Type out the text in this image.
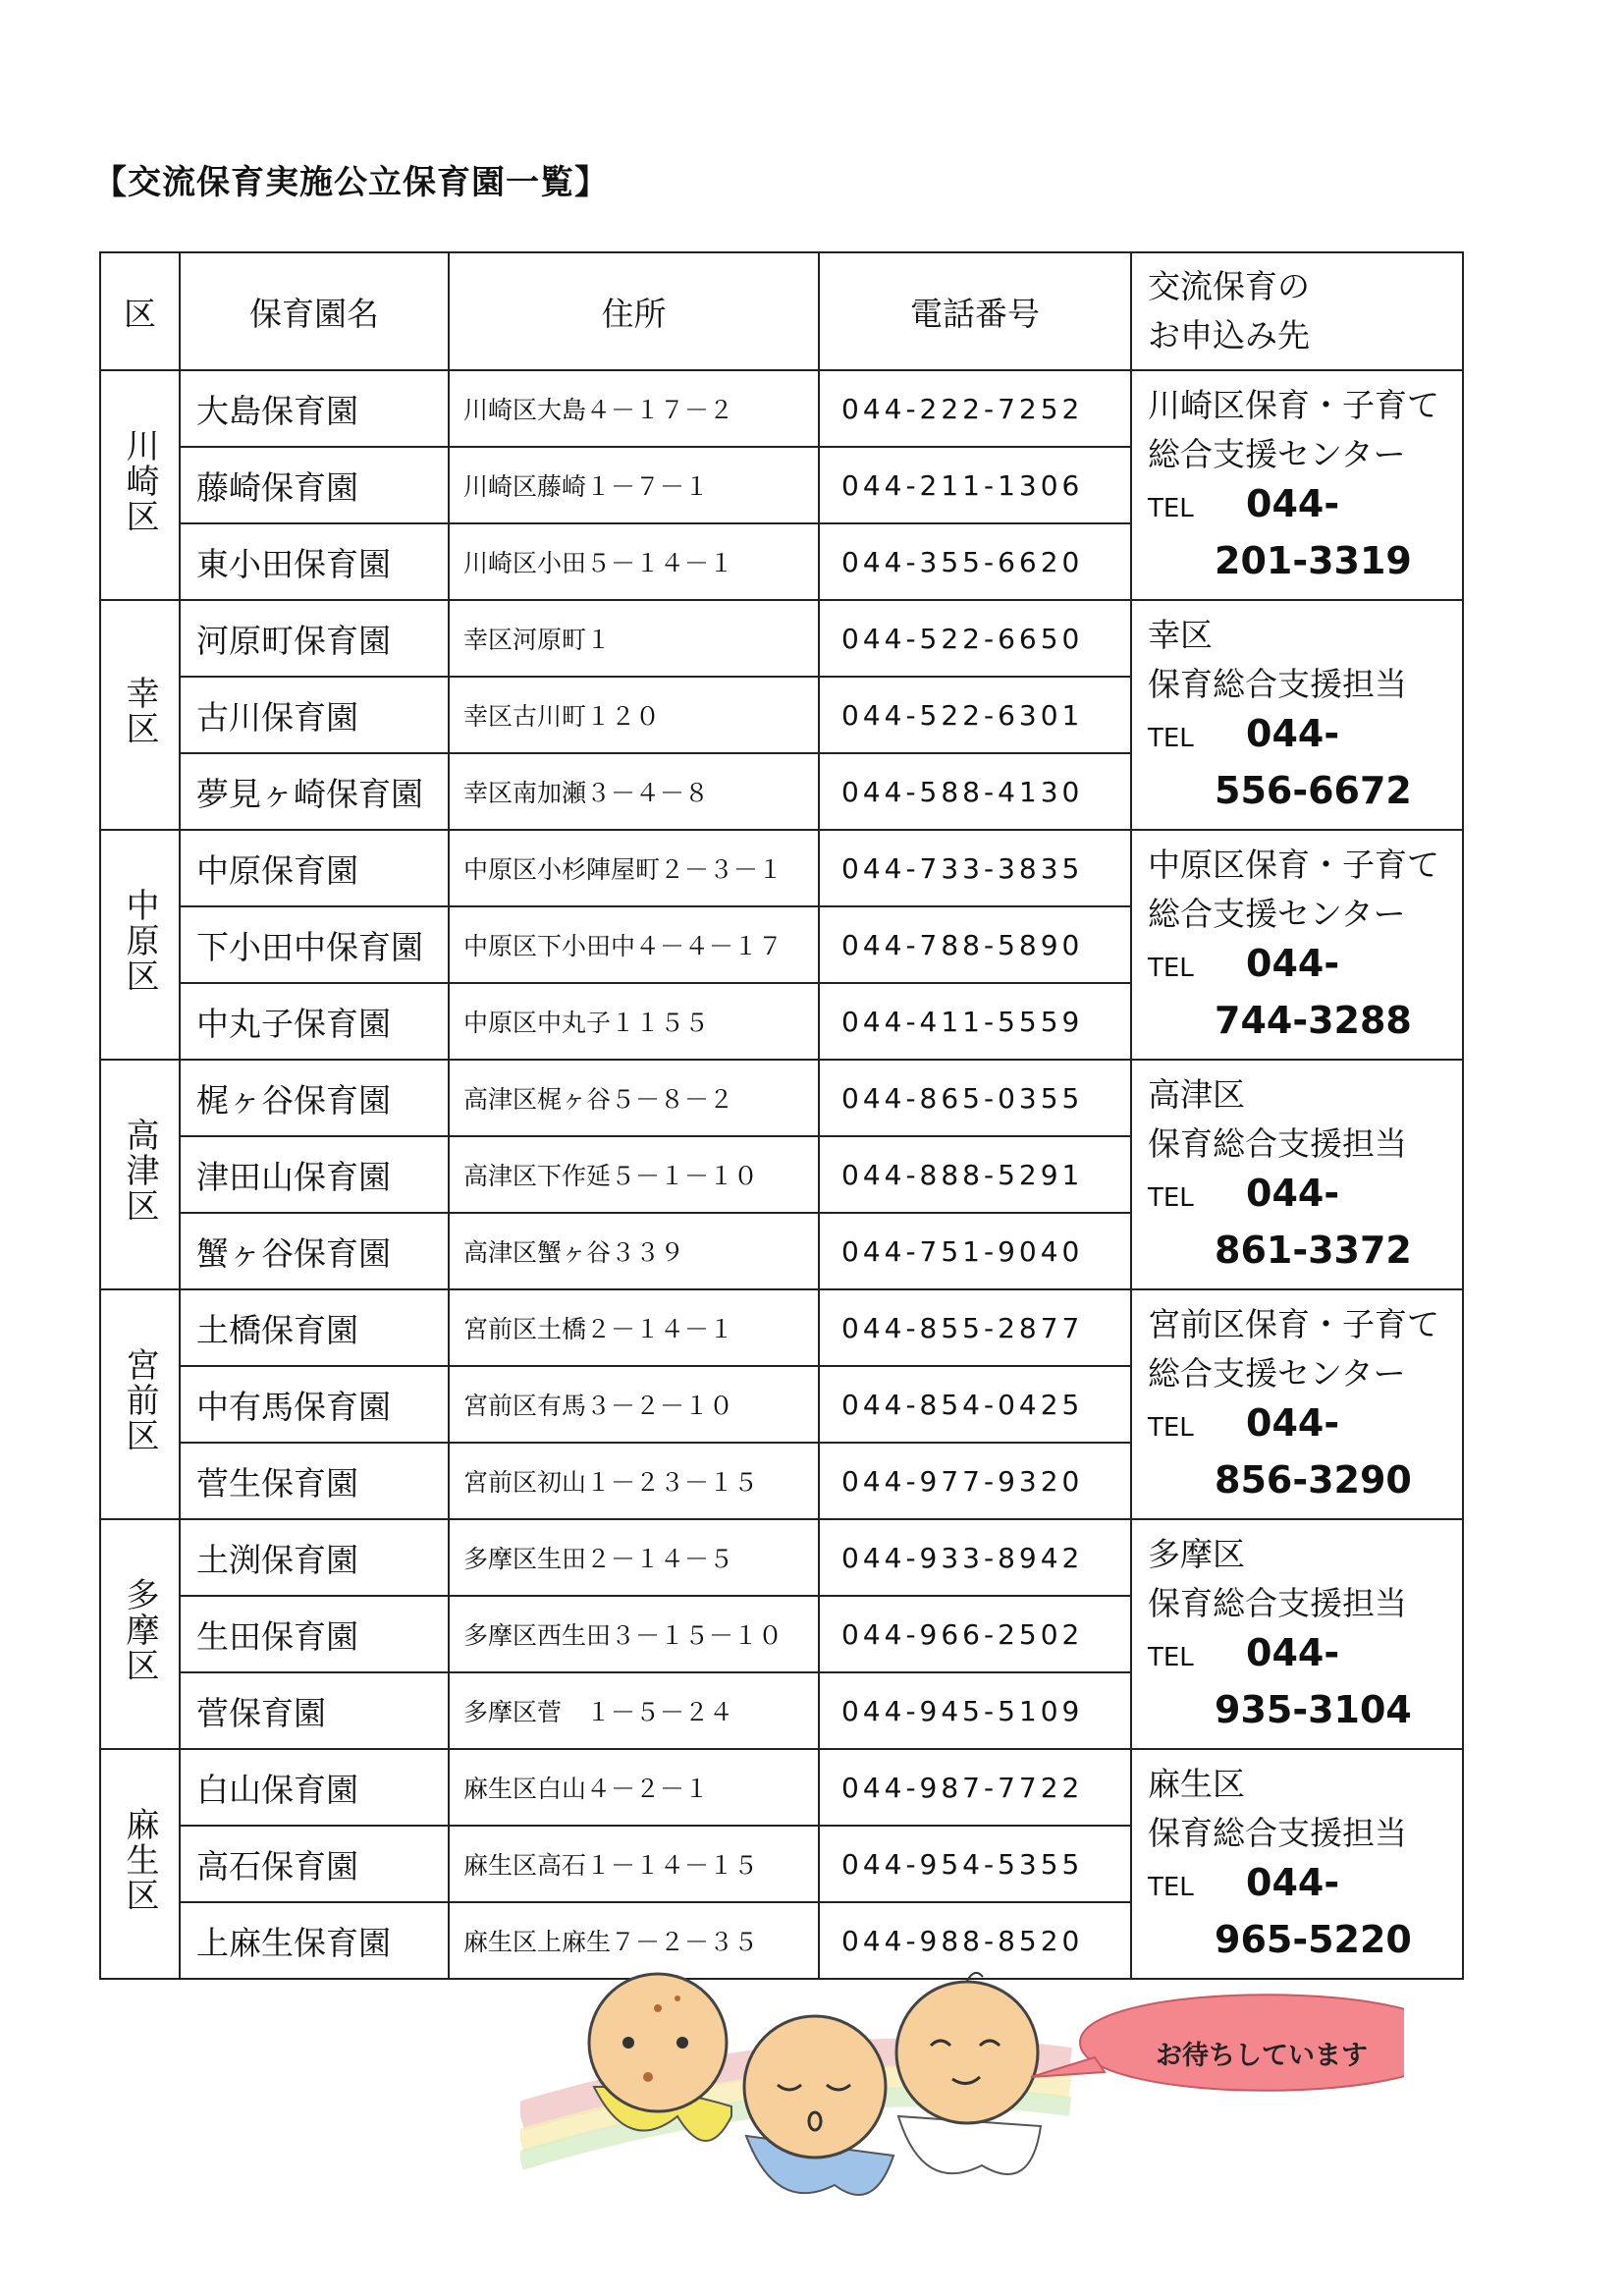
【交流保育実施公立保育園一覧】
区	保育園名	住所	電話番号	交流保育の
お申込み先

川崎区	大島保育園	川崎区大島４－１７－２	044-222-7252	川崎区保育・子育て
総合支援センター
TEL 044-
201-3319

	藤崎保育園	川崎区藤崎１－７－１	044-211-1306	
	東小田保育園	川崎区小田５－１４－１	044-355-6620	
幸区	河原町保育園	幸区河原町１	044-522-6650	幸区
保育総合支援担当
TEL 044-
556-6672

	古川保育園	幸区古川町１２０	044-522-6301	
	夢見ヶ崎保育園	幸区南加瀬３－４－８	044-588-4130	
中原区	中原保育園	中原区小杉陣屋町２－３－１	044-733-3835	中原区保育・子育て
総合支援センター
TEL 044-
744-3288

	下小田中保育園	中原区下小田中４－４－１７	044-788-5890	
	中丸子保育園	中原区中丸子１１５５	044-411-5559	
高津区	梶ヶ谷保育園	高津区梶ヶ谷５－８－２	044-865-0355	高津区
保育総合支援担当
TEL 044-
861-3372

	津田山保育園	高津区下作延５－１－１０	044-888-5291	
	蟹ヶ谷保育園	高津区蟹ヶ谷３３９	044-751-9040	
宮前区	土橋保育園	宮前区土橋２－１４－１	044-855-2877	宮前区保育・子育て
総合支援センター
TEL 044-
856-3290

	中有馬保育園	宮前区有馬３－２－１０	044-854-0425	
	菅生保育園	宮前区初山１－２３－１５	044-977-9320	
多摩区	土渕保育園	多摩区生田２－１４－５	044-933-8942	多摩区
保育総合支援担当
TEL 044-
935-3104

	生田保育園	多摩区西生田３－１５－１０	044-966-2502	
	菅保育園	多摩区菅　１－５－２４	044-945-5109	
麻生区	白山保育園	麻生区白山４－２－１	044-987-7722	麻生区
保育総合支援担当
TEL 044-
965-5220

	高石保育園	麻生区高石１－１４－１５	044-954-5355	
	上麻生保育園	麻生区上麻生７－２－３５	044-988-8520	
お待ちしています
